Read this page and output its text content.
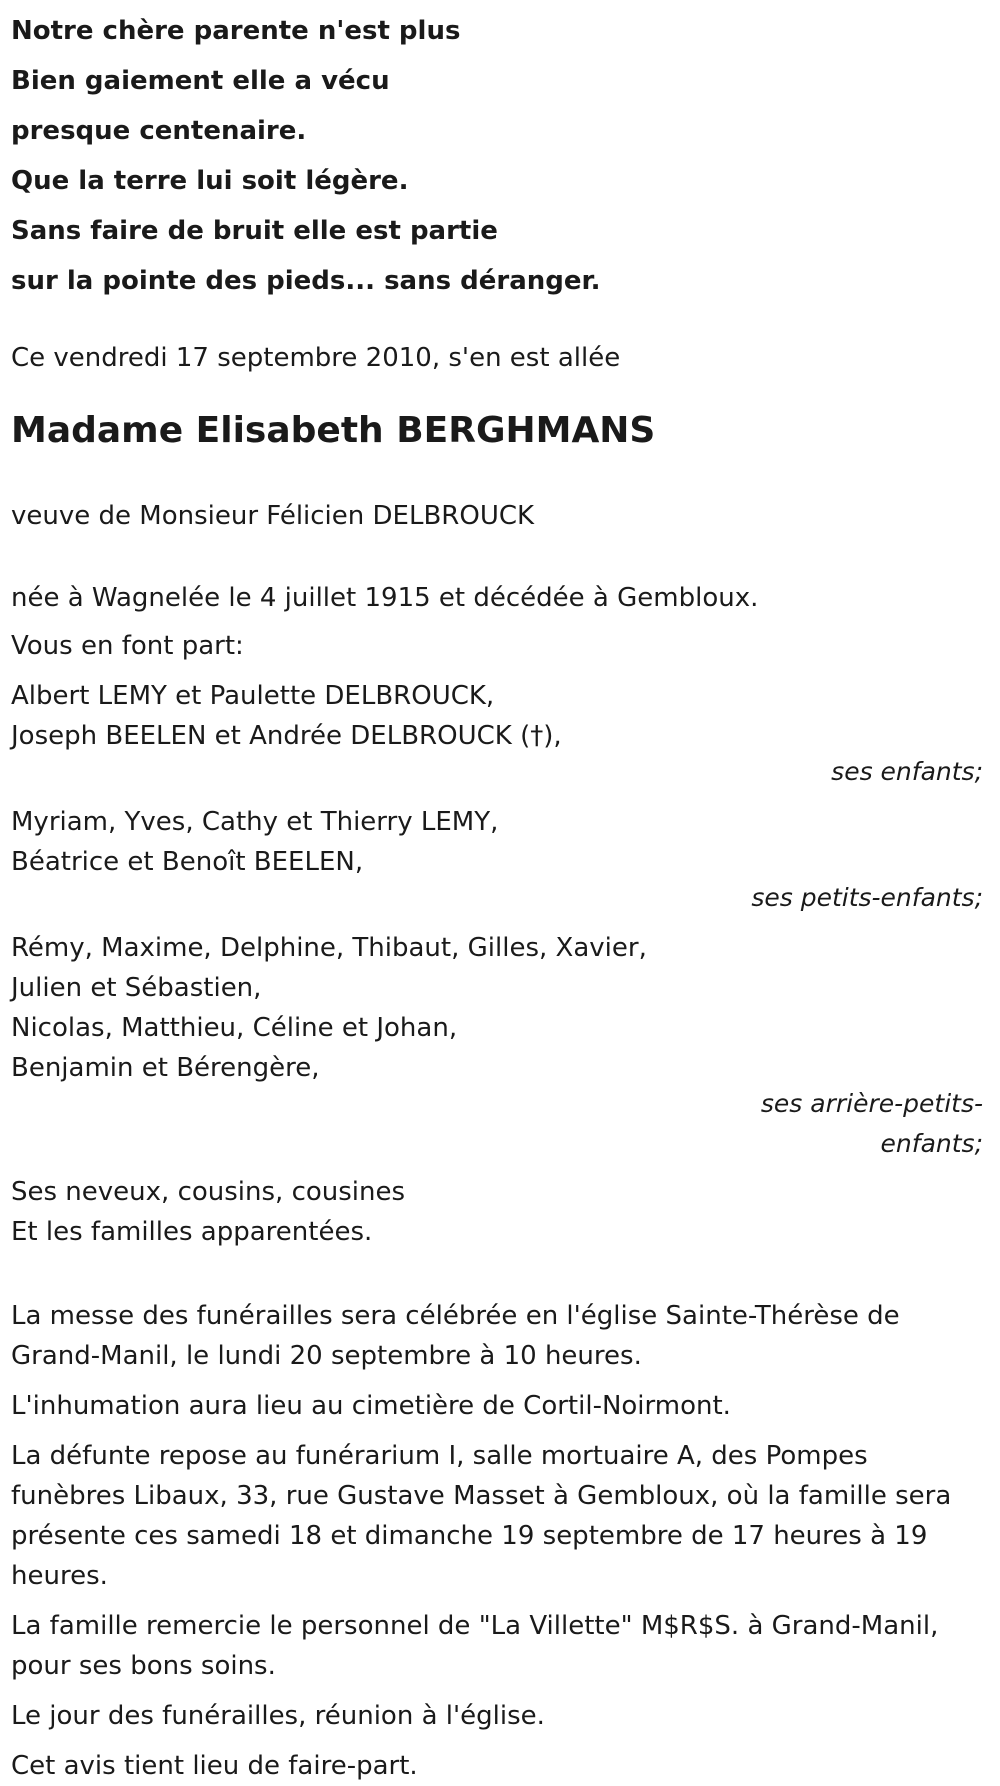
Notre chère parente n'est plus
Bien gaiement elle a vécu
presque centenaire.
Que la terre lui soit légère.
Sans faire de bruit elle est partie
sur la pointe des pieds... sans déranger.

Ce vendredi 17 septembre 2010, s'en est allée

Madame Elisabeth BERGHMANS

veuve de Monsieur Félicien DELBROUCK

née à Wagnelée le 4 juillet 1915 et décédée à Gembloux.

Vous en font part:

Albert LEMY et Paulette DELBROUCK,

Joseph BEELEN et Andrée DELBROUCK (†),

ses enfants;

Myriam, Yves, Cathy et Thierry LEMY,

Béatrice et Benoît BEELEN,

ses petits-enfants;

Rémy, Maxime, Delphine, Thibaut, Gilles, Xavier,

Julien et Sébastien,

Nicolas, Matthieu, Céline et Johan,

Benjamin et Bérengère,

ses arrière-petits-
enfants;

Ses neveux, cousins, cousines

Et les familles apparentées.

La messe des funérailles sera célébrée en l'église Sainte-Thérèse de Grand-Manil, le lundi 20 septembre à 10 heures.

L'inhumation aura lieu au cimetière de Cortil-Noirmont.

La défunte repose au funérarium I, salle mortuaire A, des Pompes funèbres Libaux, 33, rue Gustave Masset à Gembloux, où la famille sera présente ces samedi 18 et dimanche 19 septembre de 17 heures à 19 heures.

La famille remercie le personnel de "La Villette" M$R$S. à Grand-Manil, pour ses bons soins.

Le jour des funérailles, réunion à l'église.

Cet avis tient lieu de faire-part.
